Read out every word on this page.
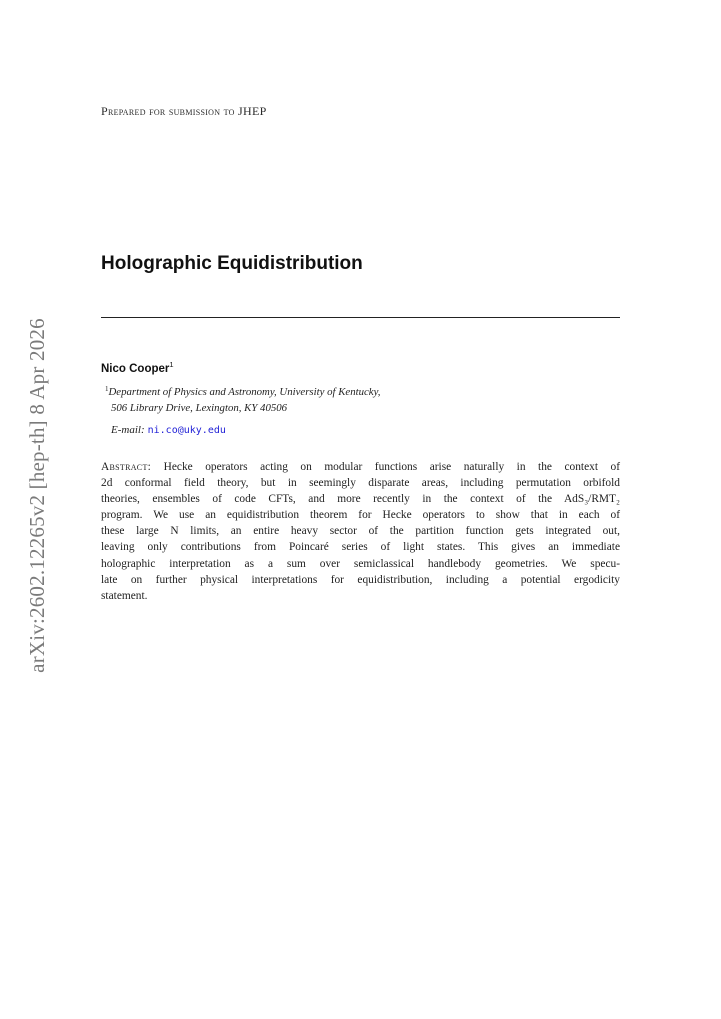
arXiv:2602.12265v2 [hep-th] 8 Apr 2026
Prepared for submission to JHEP
Holographic Equidistribution
Nico Cooper$^1$
$^1$Department of Physics and Astronomy, University of Kentucky,
506 Library Drive, Lexington, KY 40506
E-mail: ni.co@uky.edu
Abstract: Hecke operators acting on modular functions arise naturally in the context of
2d conformal field theory, but in seemingly disparate areas, including permutation orbifold
theories, ensembles of code CFTs, and more recently in the context of the AdS₃/RMT₂
program. We use an equidistribution theorem for Hecke operators to show that in each of
these large N limits, an entire heavy sector of the partition function gets integrated out,
leaving only contributions from Poincaré series of light states. This gives an immediate
holographic interpretation as a sum over semiclassical handlebody geometries. We specu-
late on further physical interpretations for equidistribution, including a potential ergodicity
statement.
